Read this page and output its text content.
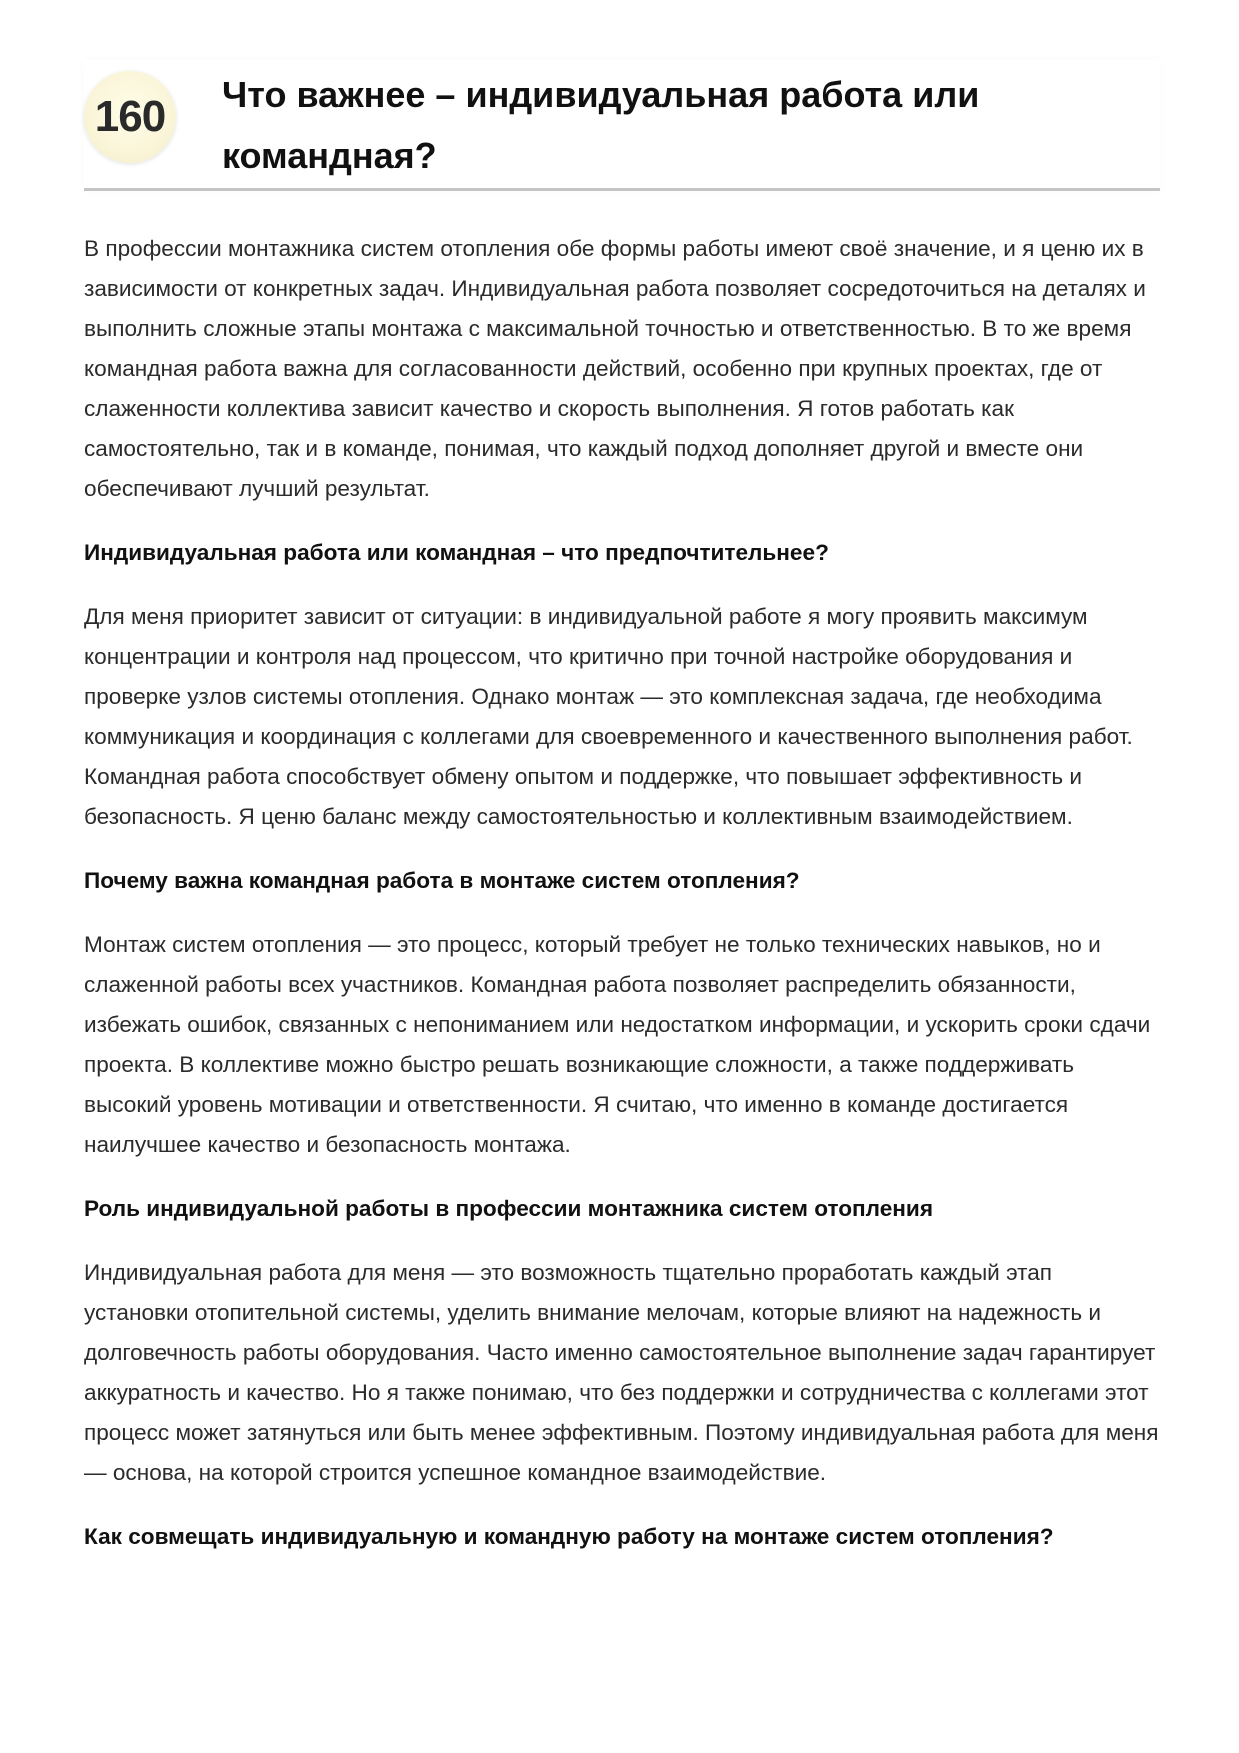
160 Что важнее – индивидуальная работа или командная?

В профессии монтажника систем отопления обе формы работы имеют своё значение, и я ценю их в зависимости от конкретных задач. Индивидуальная работа позволяет сосредоточиться на деталях и выполнить сложные этапы монтажа с максимальной точностью и ответственностью. В то же время командная работа важна для согласованности действий, особенно при крупных проектах, где от слаженности коллектива зависит качество и скорость выполнения. Я готов работать как самостоятельно, так и в команде, понимая, что каждый подход дополняет другой и вместе они обеспечивают лучший результат.

Индивидуальная работа или командная – что предпочтительнее?

Для меня приоритет зависит от ситуации: в индивидуальной работе я могу проявить максимум концентрации и контроля над процессом, что критично при точной настройке оборудования и проверке узлов системы отопления. Однако монтаж — это комплексная задача, где необходима коммуникация и координация с коллегами для своевременного и качественного выполнения работ. Командная работа способствует обмену опытом и поддержке, что повышает эффективность и безопасность. Я ценю баланс между самостоятельностью и коллективным взаимодействием.

Почему важна командная работа в монтаже систем отопления?

Монтаж систем отопления — это процесс, который требует не только технических навыков, но и слаженной работы всех участников. Командная работа позволяет распределить обязанности, избежать ошибок, связанных с непониманием или недостатком информации, и ускорить сроки сдачи проекта. В коллективе можно быстро решать возникающие сложности, а также поддерживать высокий уровень мотивации и ответственности. Я считаю, что именно в команде достигается наилучшее качество и безопасность монтажа.

Роль индивидуальной работы в профессии монтажника систем отопления

Индивидуальная работа для меня — это возможность тщательно проработать каждый этап установки отопительной системы, уделить внимание мелочам, которые влияют на надежность и долговечность работы оборудования. Часто именно самостоятельное выполнение задач гарантирует аккуратность и качество. Но я также понимаю, что без поддержки и сотрудничества с коллегами этот процесс может затянуться или быть менее эффективным. Поэтому индивидуальная работа для меня — основа, на которой строится успешное командное взаимодействие.

Как совмещать индивидуальную и командную работу на монтаже систем отопления?
